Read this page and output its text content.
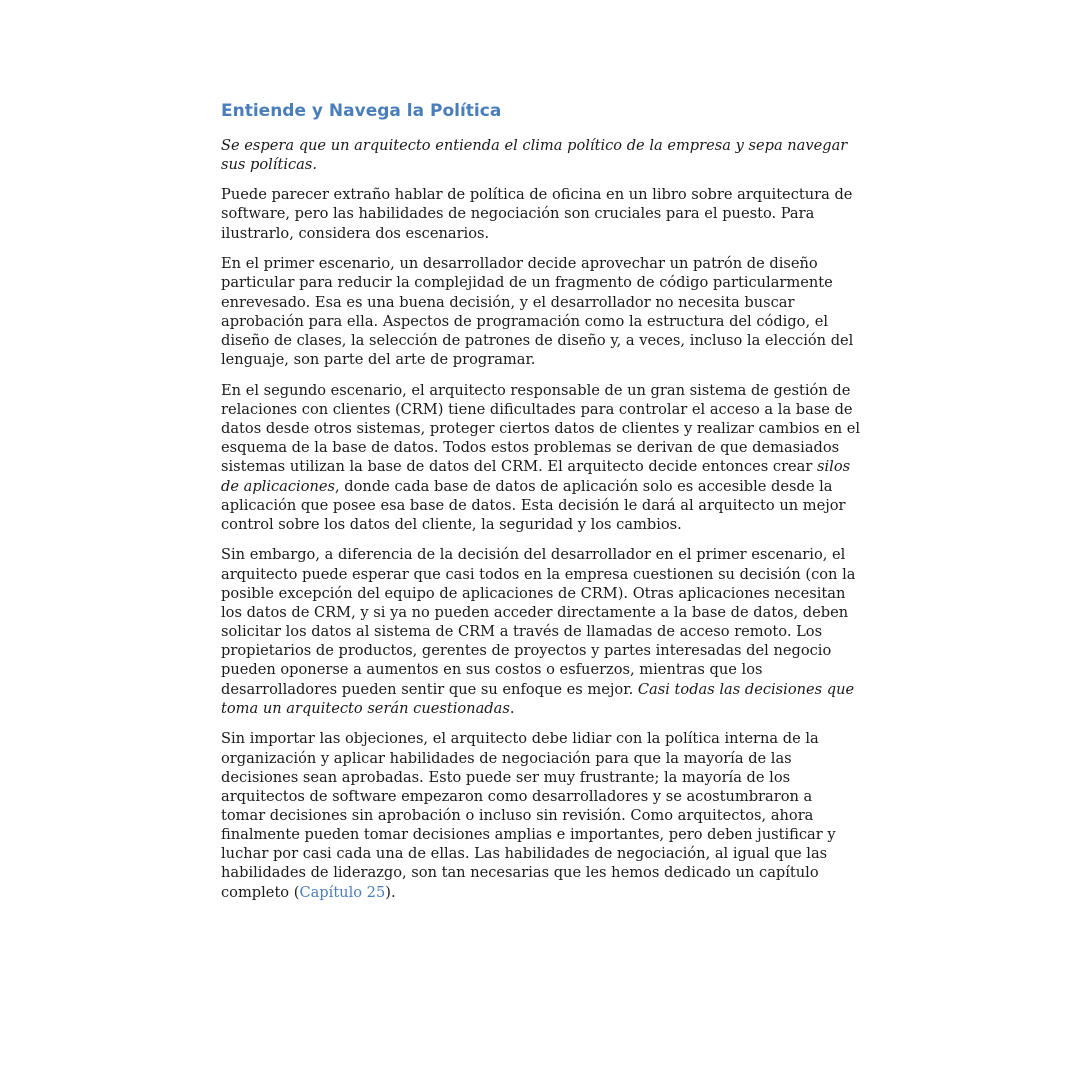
Entiende y Navega la Política

Se espera que un arquitecto entienda el clima político de la empresa y sepa navegar sus políticas.

Puede parecer extraño hablar de política de oficina en un libro sobre arquitectura de software, pero las habilidades de negociación son cruciales para el puesto. Para ilustrarlo, considera dos escenarios.

En el primer escenario, un desarrollador decide aprovechar un patrón de diseño particular para reducir la complejidad de un fragmento de código particularmente enrevesado. Esa es una buena decisión, y el desarrollador no necesita buscar aprobación para ella. Aspectos de programación como la estructura del código, el diseño de clases, la selección de patrones de diseño y, a veces, incluso la elección del lenguaje, son parte del arte de programar.

En el segundo escenario, el arquitecto responsable de un gran sistema de gestión de relaciones con clientes (CRM) tiene dificultades para controlar el acceso a la base de datos desde otros sistemas, proteger ciertos datos de clientes y realizar cambios en el esquema de la base de datos. Todos estos problemas se derivan de que demasiados sistemas utilizan la base de datos del CRM. El arquitecto decide entonces crear silos de aplicaciones, donde cada base de datos de aplicación solo es accesible desde la aplicación que posee esa base de datos. Esta decisión le dará al arquitecto un mejor control sobre los datos del cliente, la seguridad y los cambios.

Sin embargo, a diferencia de la decisión del desarrollador en el primer escenario, el arquitecto puede esperar que casi todos en la empresa cuestionen su decisión (con la posible excepción del equipo de aplicaciones de CRM). Otras aplicaciones necesitan los datos de CRM, y si ya no pueden acceder directamente a la base de datos, deben solicitar los datos al sistema de CRM a través de llamadas de acceso remoto. Los propietarios de productos, gerentes de proyectos y partes interesadas del negocio pueden oponerse a aumentos en sus costos o esfuerzos, mientras que los desarrolladores pueden sentir que su enfoque es mejor. Casi todas las decisiones que toma un arquitecto serán cuestionadas.

Sin importar las objeciones, el arquitecto debe lidiar con la política interna de la organización y aplicar habilidades de negociación para que la mayoría de las decisiones sean aprobadas. Esto puede ser muy frustrante; la mayoría de los arquitectos de software empezaron como desarrolladores y se acostumbraron a tomar decisiones sin aprobación o incluso sin revisión. Como arquitectos, ahora finalmente pueden tomar decisiones amplias e importantes, pero deben justificar y luchar por casi cada una de ellas. Las habilidades de negociación, al igual que las habilidades de liderazgo, son tan necesarias que les hemos dedicado un capítulo completo (Capítulo 25).
